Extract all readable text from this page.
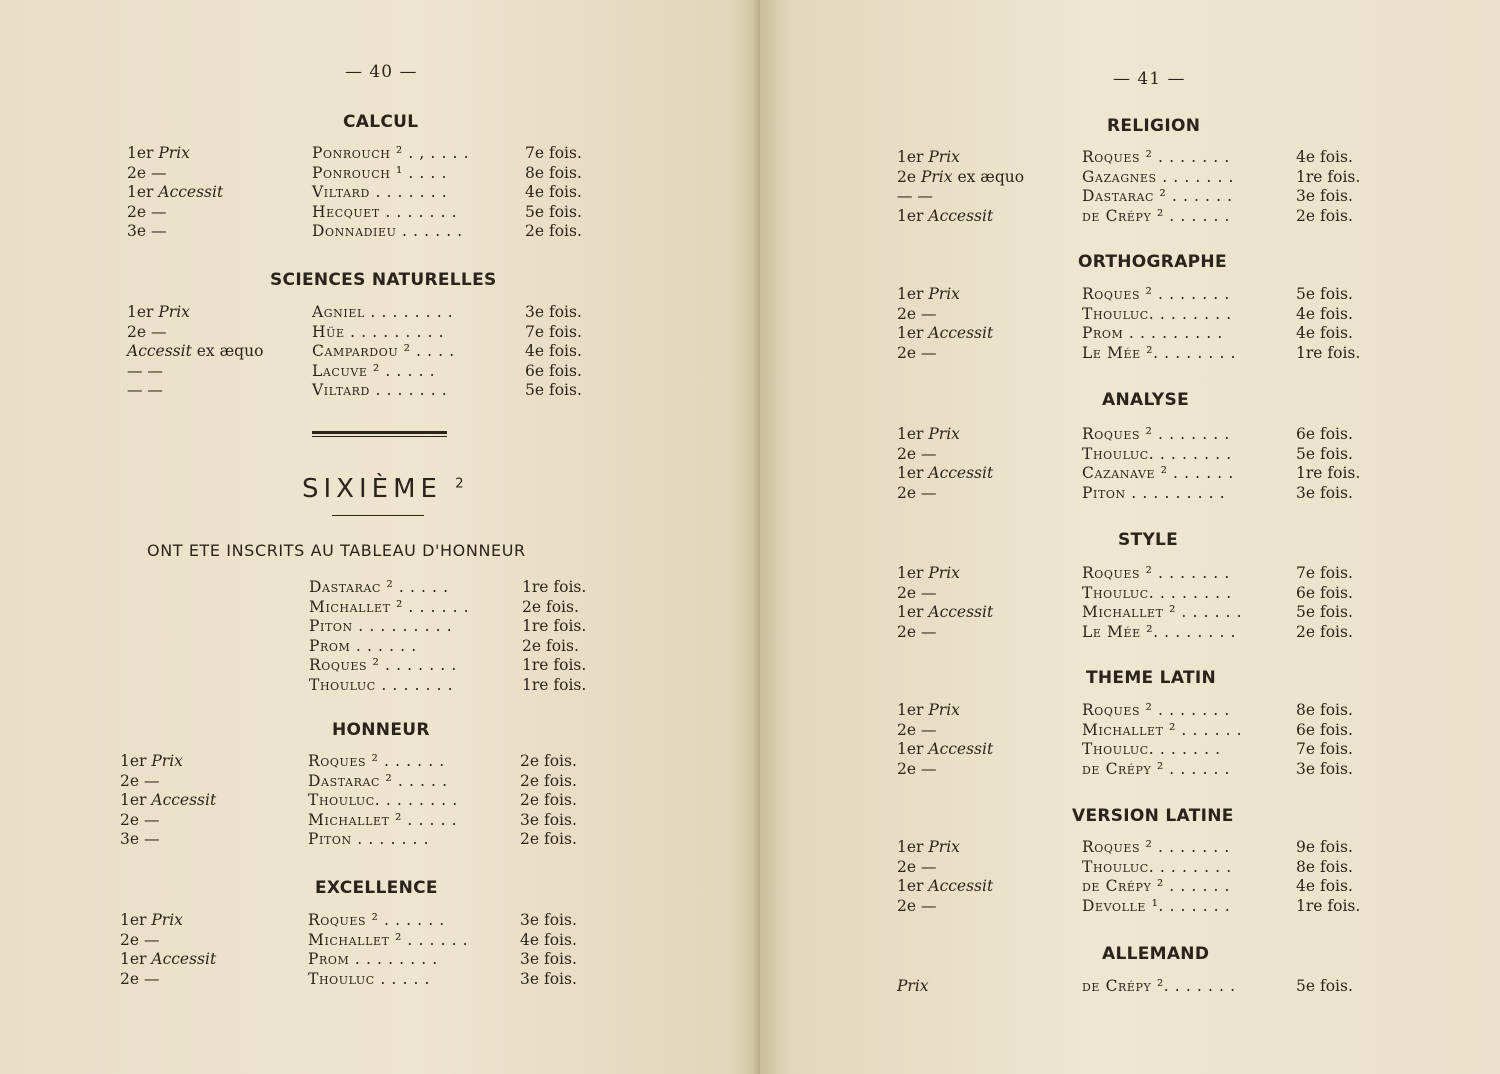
— 40 —
CALCUL
1er Prix	Ponrouch ² . , . . . .	7e fois.
2e —	Ponrouch ¹ . . . .	8e fois.
1er Accessit	Viltard . . . . . . .	4e fois.
2e —	Hecquet . . . . . . .	5e fois.
3e —	Donnadieu . . . . . .	2e fois.
SCIENCES NATURELLES
1er Prix	Agniel . . . . . . . .	3e fois.
2e —	Hüe . . . . . . . . .	7e fois.
Accessit ex æquo	Campardou ² . . . .	4e fois.
— —	Lacuve ² . . . . .	6e fois.
— —	Viltard . . . . . . .	5e fois.
SIXIÈME $^2$
ONT ETE INSCRITS AU TABLEAU D'HONNEUR
Dastarac ² . . . . .	1re fois.
Michallet ² . . . . . .	2e fois.
Piton . . . . . . . . .	1re fois.
Prom . . . . . .	2e fois.
Roques ² . . . . . . .	1re fois.
Thouluc . . . . . . .	1re fois.
HONNEUR
1er Prix	Roques ² . . . . . .	2e fois.
2e —	Dastarac ² . . . . .	2e fois.
1er Accessit	Thouluc. . . . . . . .	2e fois.
2e —	Michallet ² . . . . .	3e fois.
3e —	Piton . . . . . . .	2e fois.
EXCELLENCE
1er Prix	Roques ² . . . . . .	3e fois.
2e —	Michallet ² . . . . . .	4e fois.
1er Accessit	Prom . . . . . . . .	3e fois.
2e —	Thouluc . . . . .	3e fois.
— 41 —
RELIGION
1er Prix	Roques ² . . . . . . .	4e fois.
2e Prix ex æquo	Gazagnes . . . . . . .	1re fois.
— —	Dastarac ² . . . . . .	3e fois.
1er Accessit	de Crépy ² . . . . . .	2e fois.
ORTHOGRAPHE
1er Prix	Roques ² . . . . . . .	5e fois.
2e —	Thouluc. . . . . . . .	4e fois.
1er Accessit	Prom . . . . . . . . .	4e fois.
2e —	Le Mée ². . . . . . . .	1re fois.
ANALYSE
1er Prix	Roques ² . . . . . . .	6e fois.
2e —	Thouluc. . . . . . . .	5e fois.
1er Accessit	Cazanave ² . . . . . .	1re fois.
2e —	Piton . . . . . . . . .	3e fois.
STYLE
1er Prix	Roques ² . . . . . . .	7e fois.
2e —	Thouluc. . . . . . . .	6e fois.
1er Accessit	Michallet ² . . . . . .	5e fois.
2e —	Le Mée ². . . . . . . .	2e fois.
THEME LATIN
1er Prix	Roques ² . . . . . . .	8e fois.
2e —	Michallet ² . . . . . .	6e fois.
1er Accessit	Thouluc. . . . . . .	7e fois.
2e —	de Crépy ² . . . . . .	3e fois.
VERSION LATINE
1er Prix	Roques ² . . . . . . .	9e fois.
2e —	Thouluc. . . . . . . .	8e fois.
1er Accessit	de Crépy ² . . . . . .	4e fois.
2e —	Devolle ¹. . . . . . .	1re fois.
ALLEMAND
Prix	de Crépy ². . . . . . .	5e fois.
